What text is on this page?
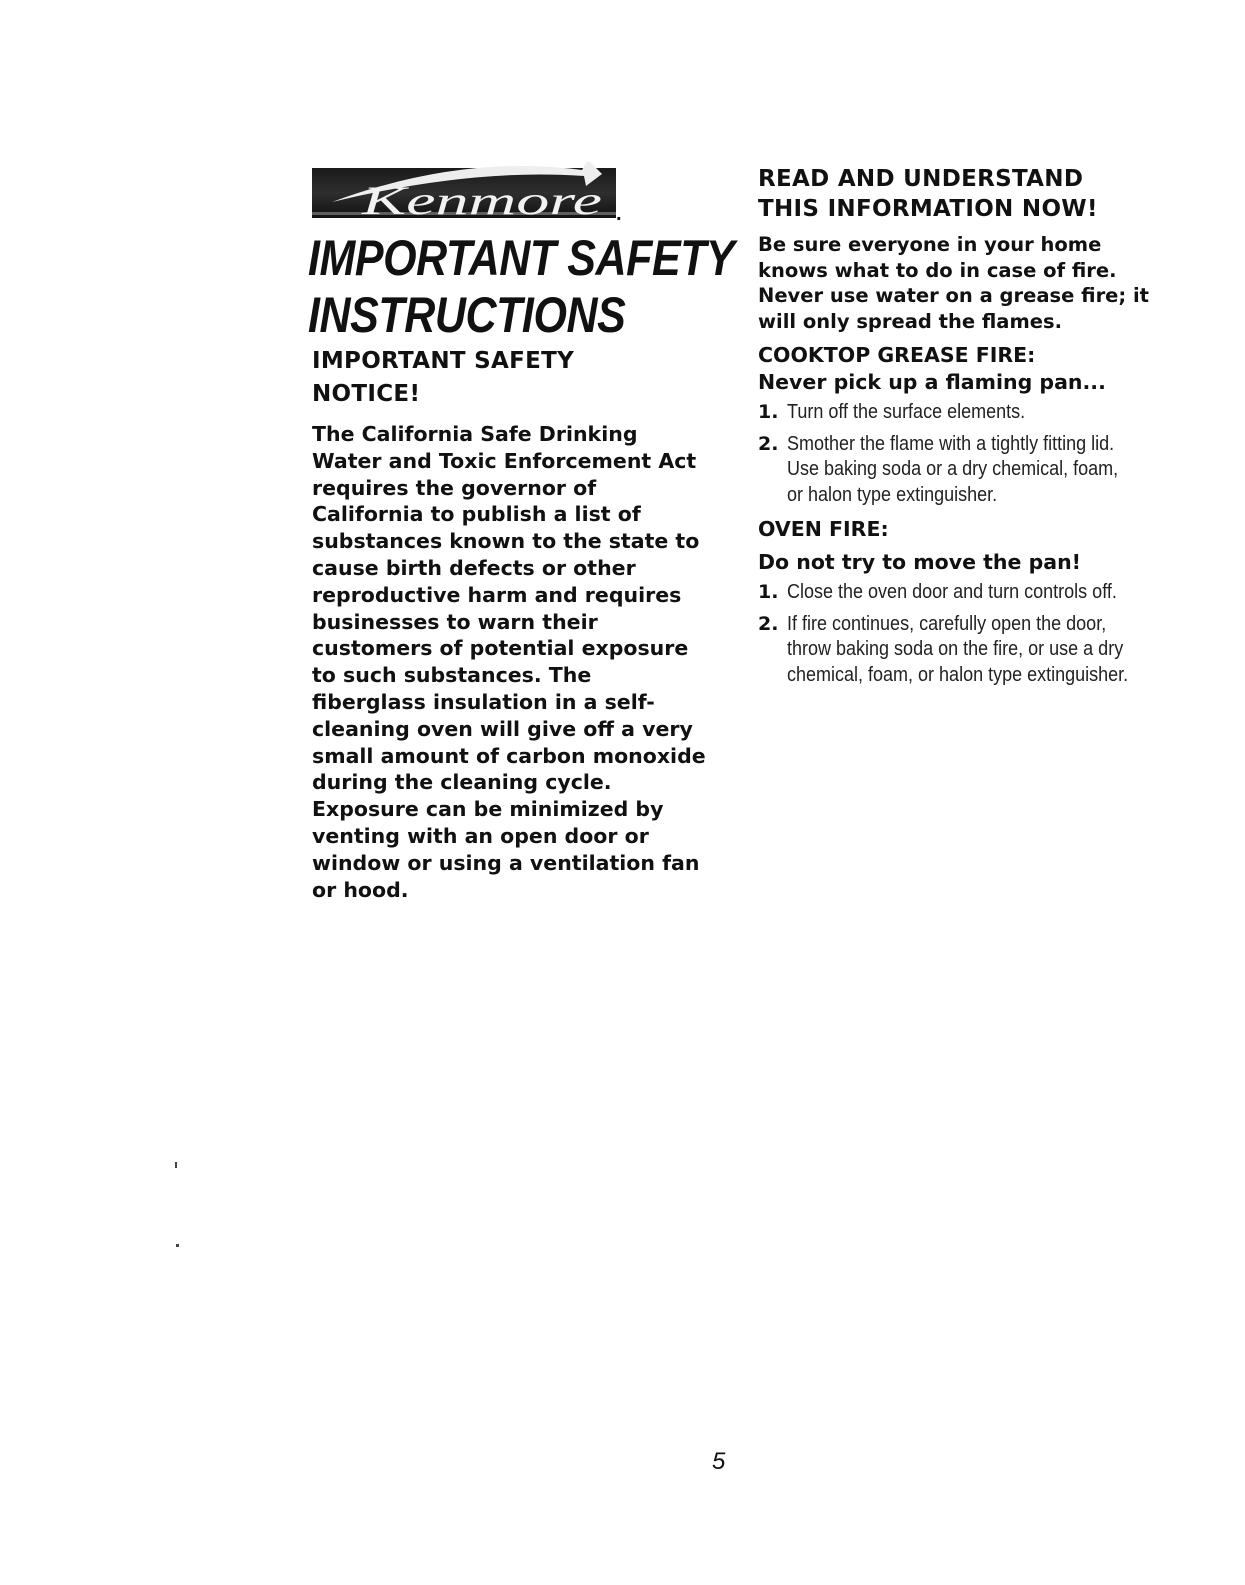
Kenmore .
IMPORTANT SAFETY
INSTRUCTIONS
IMPORTANT SAFETY NOTICE!

The California Safe Drinking Water and Toxic Enforcement Act requires the governor of California to publish a list of substances known to the state to cause birth defects or other reproductive harm and requires businesses to warn their customers of potential exposure to such substances. The fiberglass insulation in a self-cleaning oven will give off a very small amount of carbon monoxide during the cleaning cycle. Exposure can be minimized by venting with an open door or window or using a ventilation fan or hood.

READ AND UNDERSTAND THIS INFORMATION NOW!

Be sure everyone in your home knows what to do in case of fire. Never use water on a grease fire; it will only spread the flames.

COOKTOP GREASE FIRE:
Never pick up a flaming pan...
1. Turn off the surface elements.
2. Smother the flame with a tightly fitting lid. Use baking soda or a dry chemical, foam, or halon type extinguisher.
OVEN FIRE:
Do not try to move the pan!
1. Close the oven door and turn controls off.
2. If fire continues, carefully open the door, throw baking soda on the fire, or use a dry chemical, foam, or halon type extinguisher.
5
